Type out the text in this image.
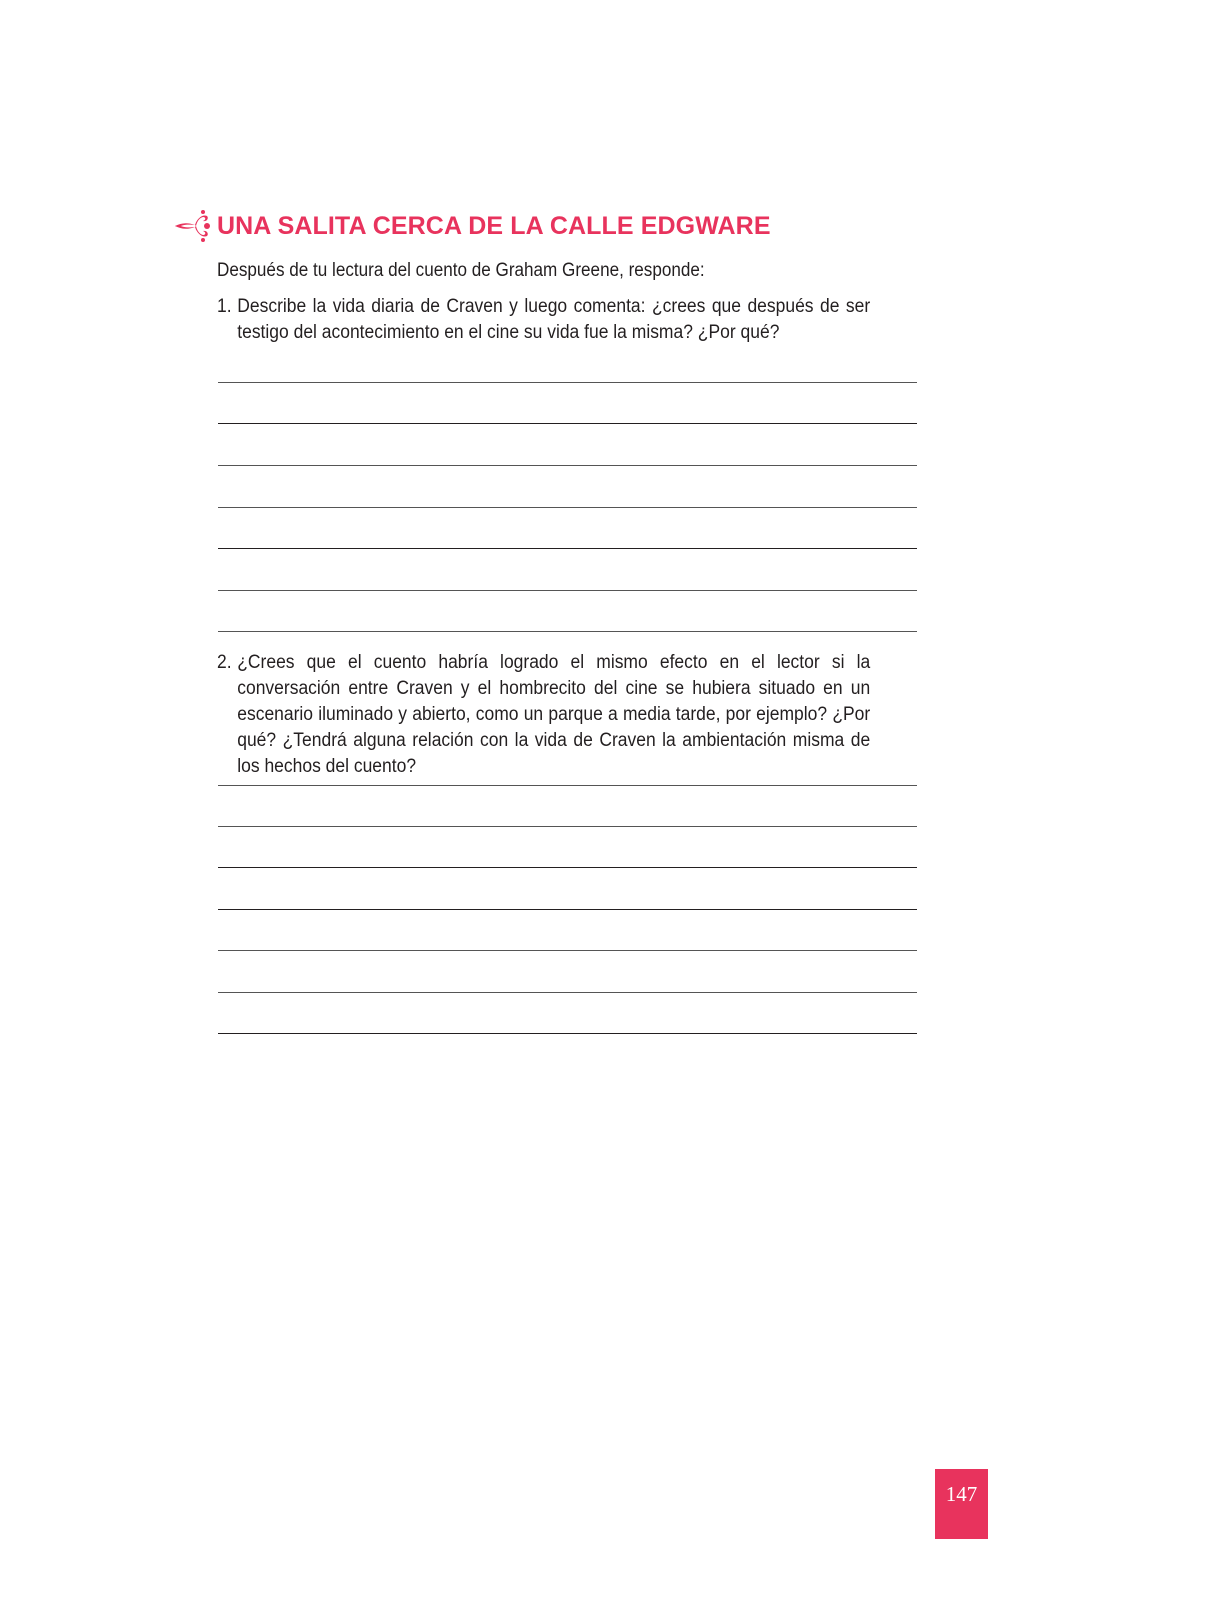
UNA SALITA CERCA DE LA CALLE EDGWARE
Después de tu lectura del cuento de Graham Greene, responde:
1. Describe la vida diaria de Craven y luego comenta: ¿crees que después de ser testigo del acontecimiento en el cine su vida fue la misma? ¿Por qué?
2. ¿Crees que el cuento habría logrado el mismo efecto en el lector si la conversación entre Craven y el hombrecito del cine se hubiera situado en un escenario iluminado y abierto, como un parque a media tarde, por ejemplo? ¿Por qué? ¿Tendrá alguna relación con la vida de Craven la ambientación misma de los hechos del cuento?
147
